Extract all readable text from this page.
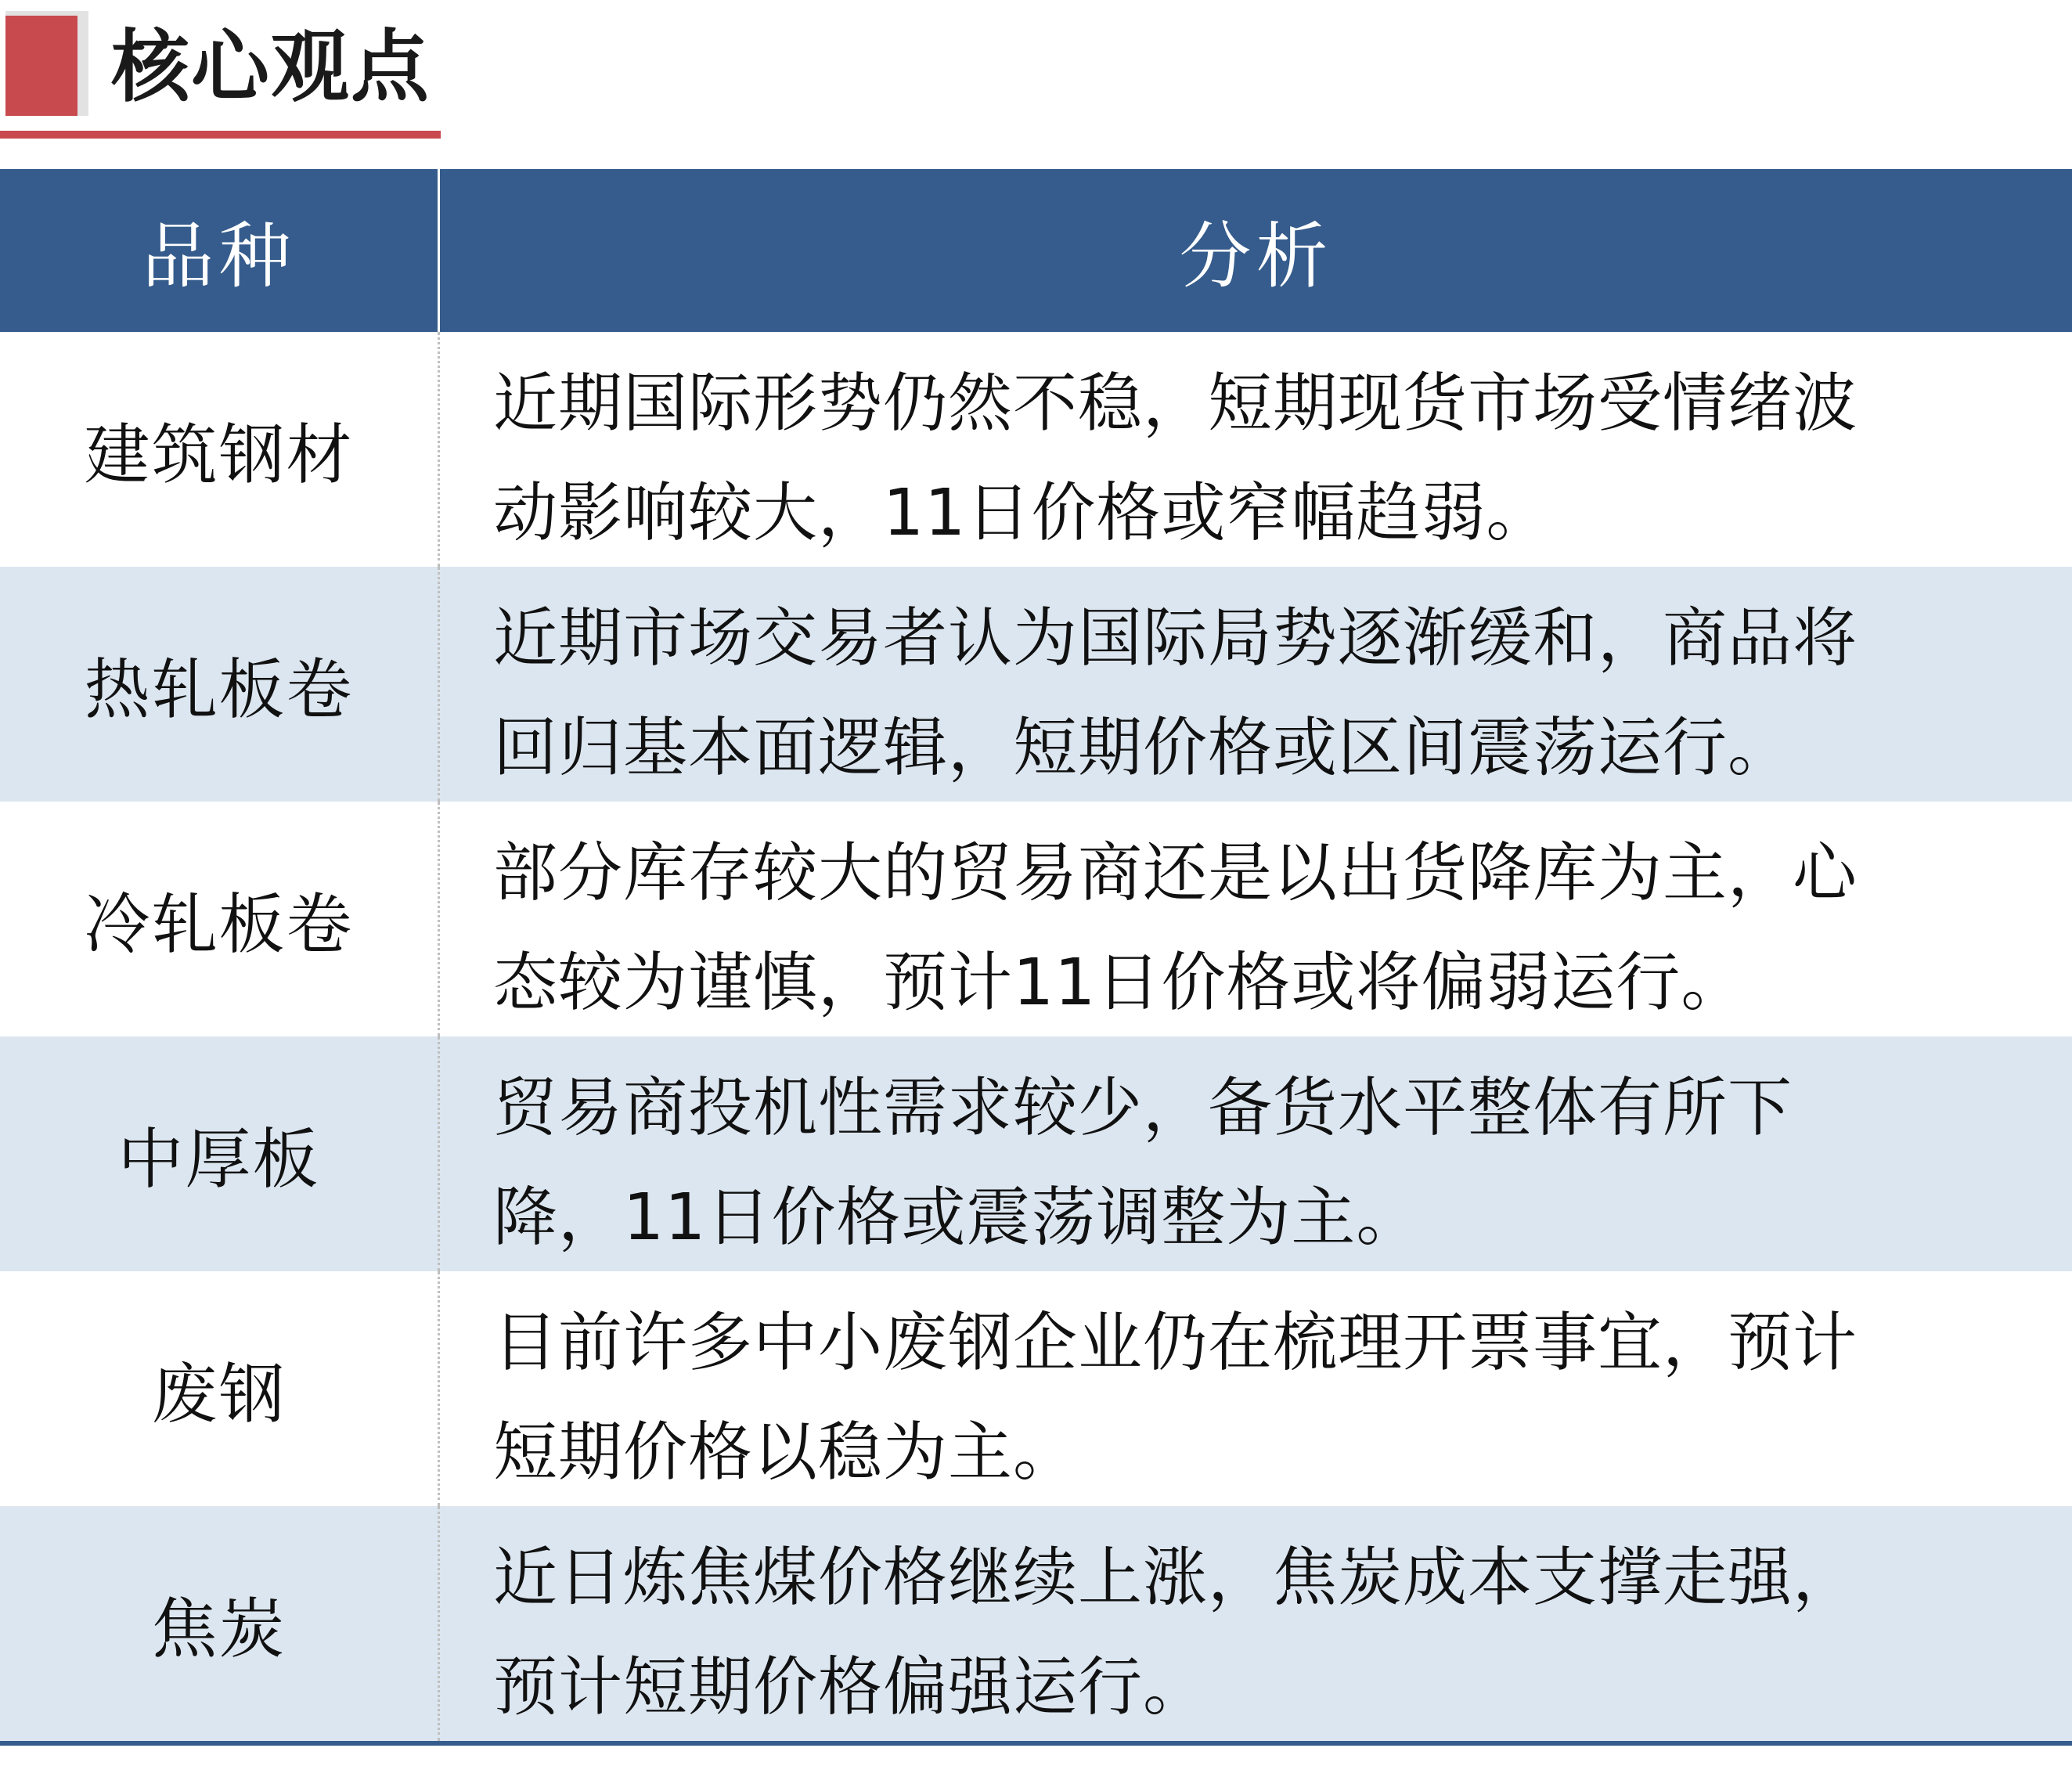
核心观点
品种	分析
建筑钢材
近期国际形势仍然不稳，短期现货市场受情绪波
动影响较大，11日价格或窄幅趋弱。
热轧板卷
近期市场交易者认为国际局势逐渐缓和，商品将
回归基本面逻辑，短期价格或区间震荡运行。
冷轧板卷
部分库存较大的贸易商还是以出货降库为主，心
态较为谨慎，预计11日价格或将偏弱运行。
中厚板
贸易商投机性需求较少，备货水平整体有所下
降，11日价格或震荡调整为主。
废钢
目前许多中小废钢企业仍在梳理开票事宜，预计
短期价格以稳为主。
焦炭
近日炼焦煤价格继续上涨，焦炭成本支撑走强，
预计短期价格偏强运行。
